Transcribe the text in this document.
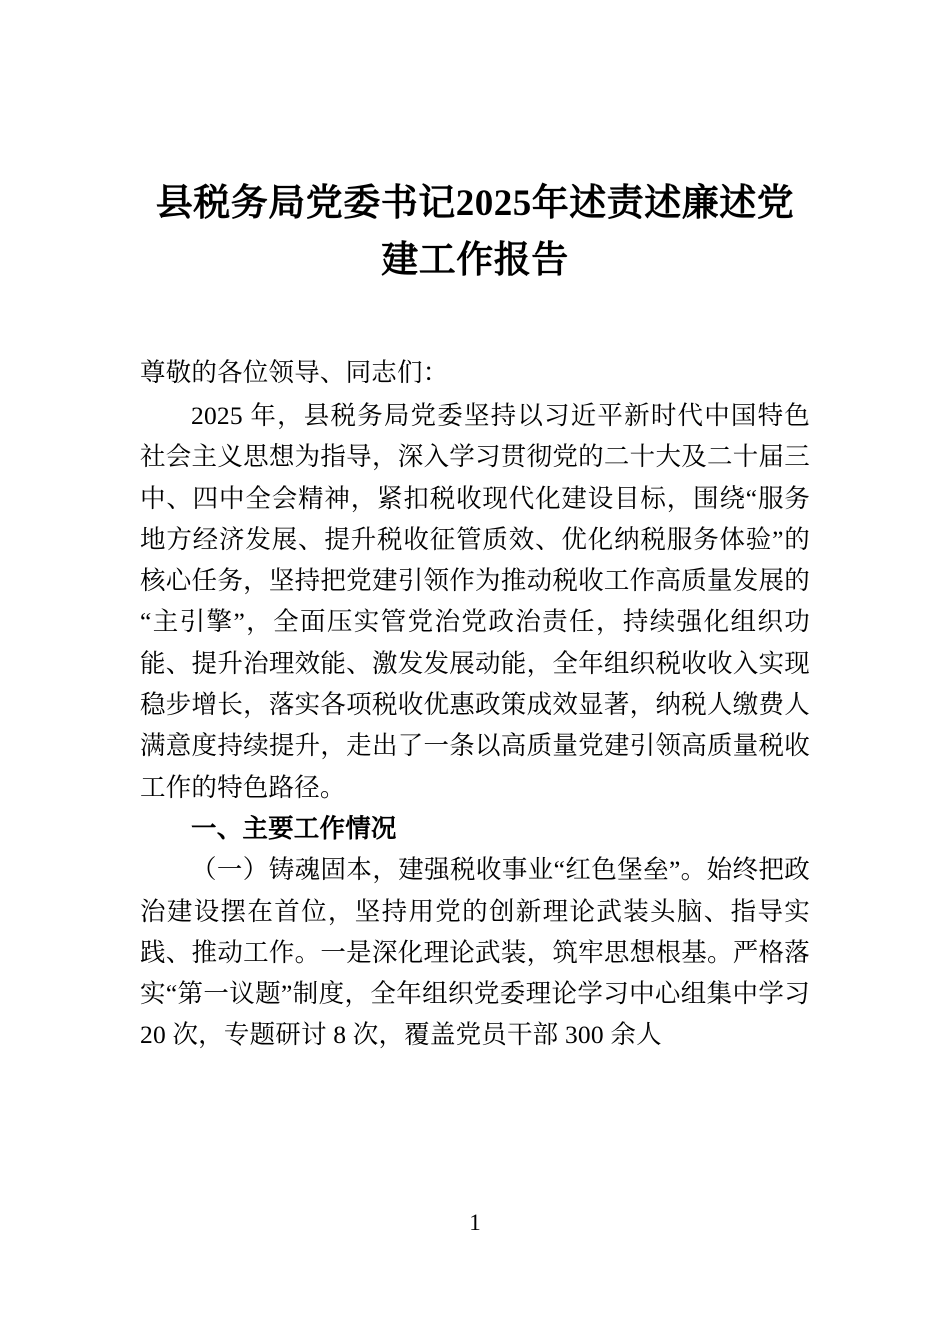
县税务局党委书记2025年述责述廉述党建工作报告

尊敬的各位领导、同志们：

2025 年，县税务局党委坚持以习近平新时代中国特色社会主义思想为指导，深入学习贯彻党的二十大及二十届三中、四中全会精神，紧扣税收现代化建设目标，围绕“服务地方经济发展、提升税收征管质效、优化纳税服务体验”的核心任务，坚持把党建引领作为推动税收工作高质量发展的“主引擎”，全面压实管党治党政治责任，持续强化组织功能、提升治理效能、激发发展动能，全年组织税收收入实现稳步增长，落实各项税收优惠政策成效显著，纳税人缴费人满意度持续提升，走出了一条以高质量党建引领高质量税收工作的特色路径。

一、主要工作情况

（一）铸魂固本，建强税收事业“红色堡垒”。始终把政治建设摆在首位，坚持用党的创新理论武装头脑、指导实践、推动工作。一是深化理论武装，筑牢思想根基。严格落实“第一议题”制度，全年组织党委理论学习中心组集中学习 20 次，专题研讨 8 次，覆盖党员干部 300 余人

1
